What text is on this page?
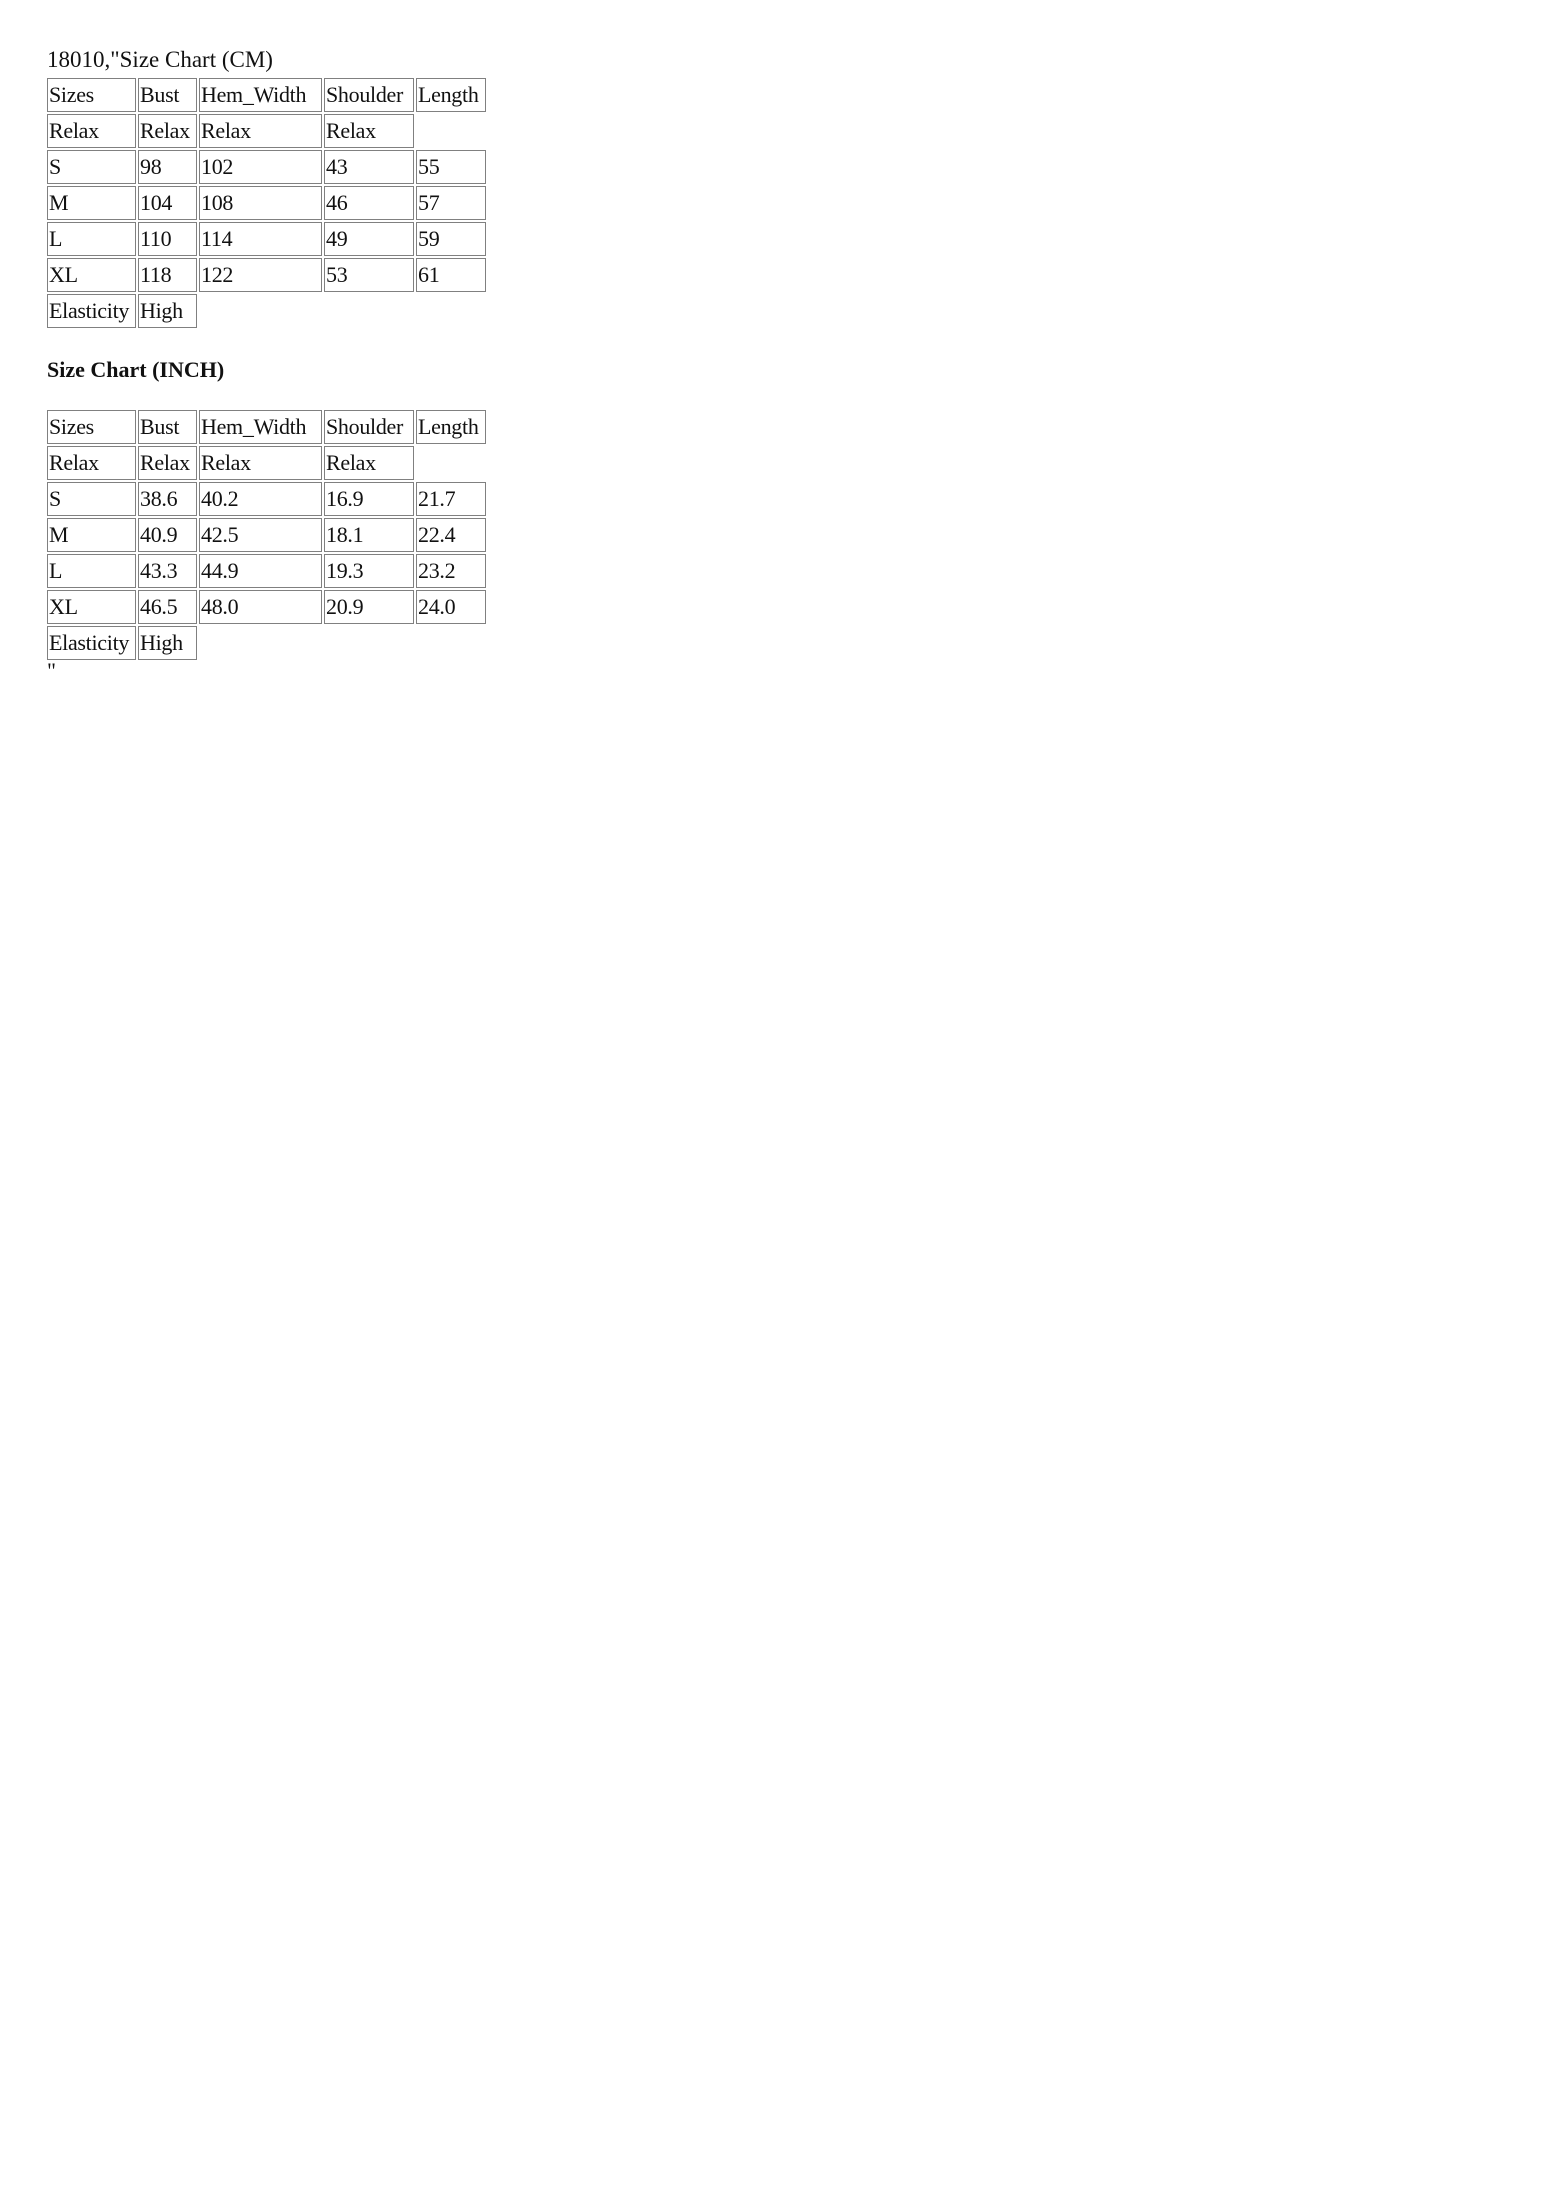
18010,"Size Chart (CM)
Sizes	Bust	Hem_Width	Shoulder	Length
Relax	Relax	Relax	Relax	
S	98	102	43	55
M	104	108	46	57
L	110	114	49	59
XL	118	122	53	61
Elasticity	High			
Size Chart (INCH)
Sizes	Bust	Hem_Width	Shoulder	Length
Relax	Relax	Relax	Relax	
S	38.6	40.2	16.9	21.7
M	40.9	42.5	18.1	22.4
L	43.3	44.9	19.3	23.2
XL	46.5	48.0	20.9	24.0
Elasticity	High			
"
